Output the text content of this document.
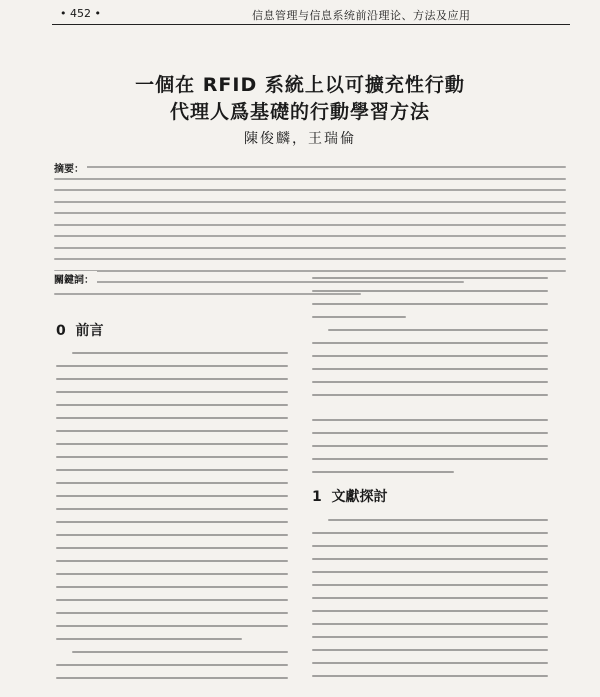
• 452 •	信息管理与信息系统前沿理论、方法及应用
一個在 RFID 系統上以可擴充性行動
代理人爲基礎的行動學習方法
陳俊麟，王瑞倫
摘要：
關鍵詞：
0 前言
1 文獻探討
